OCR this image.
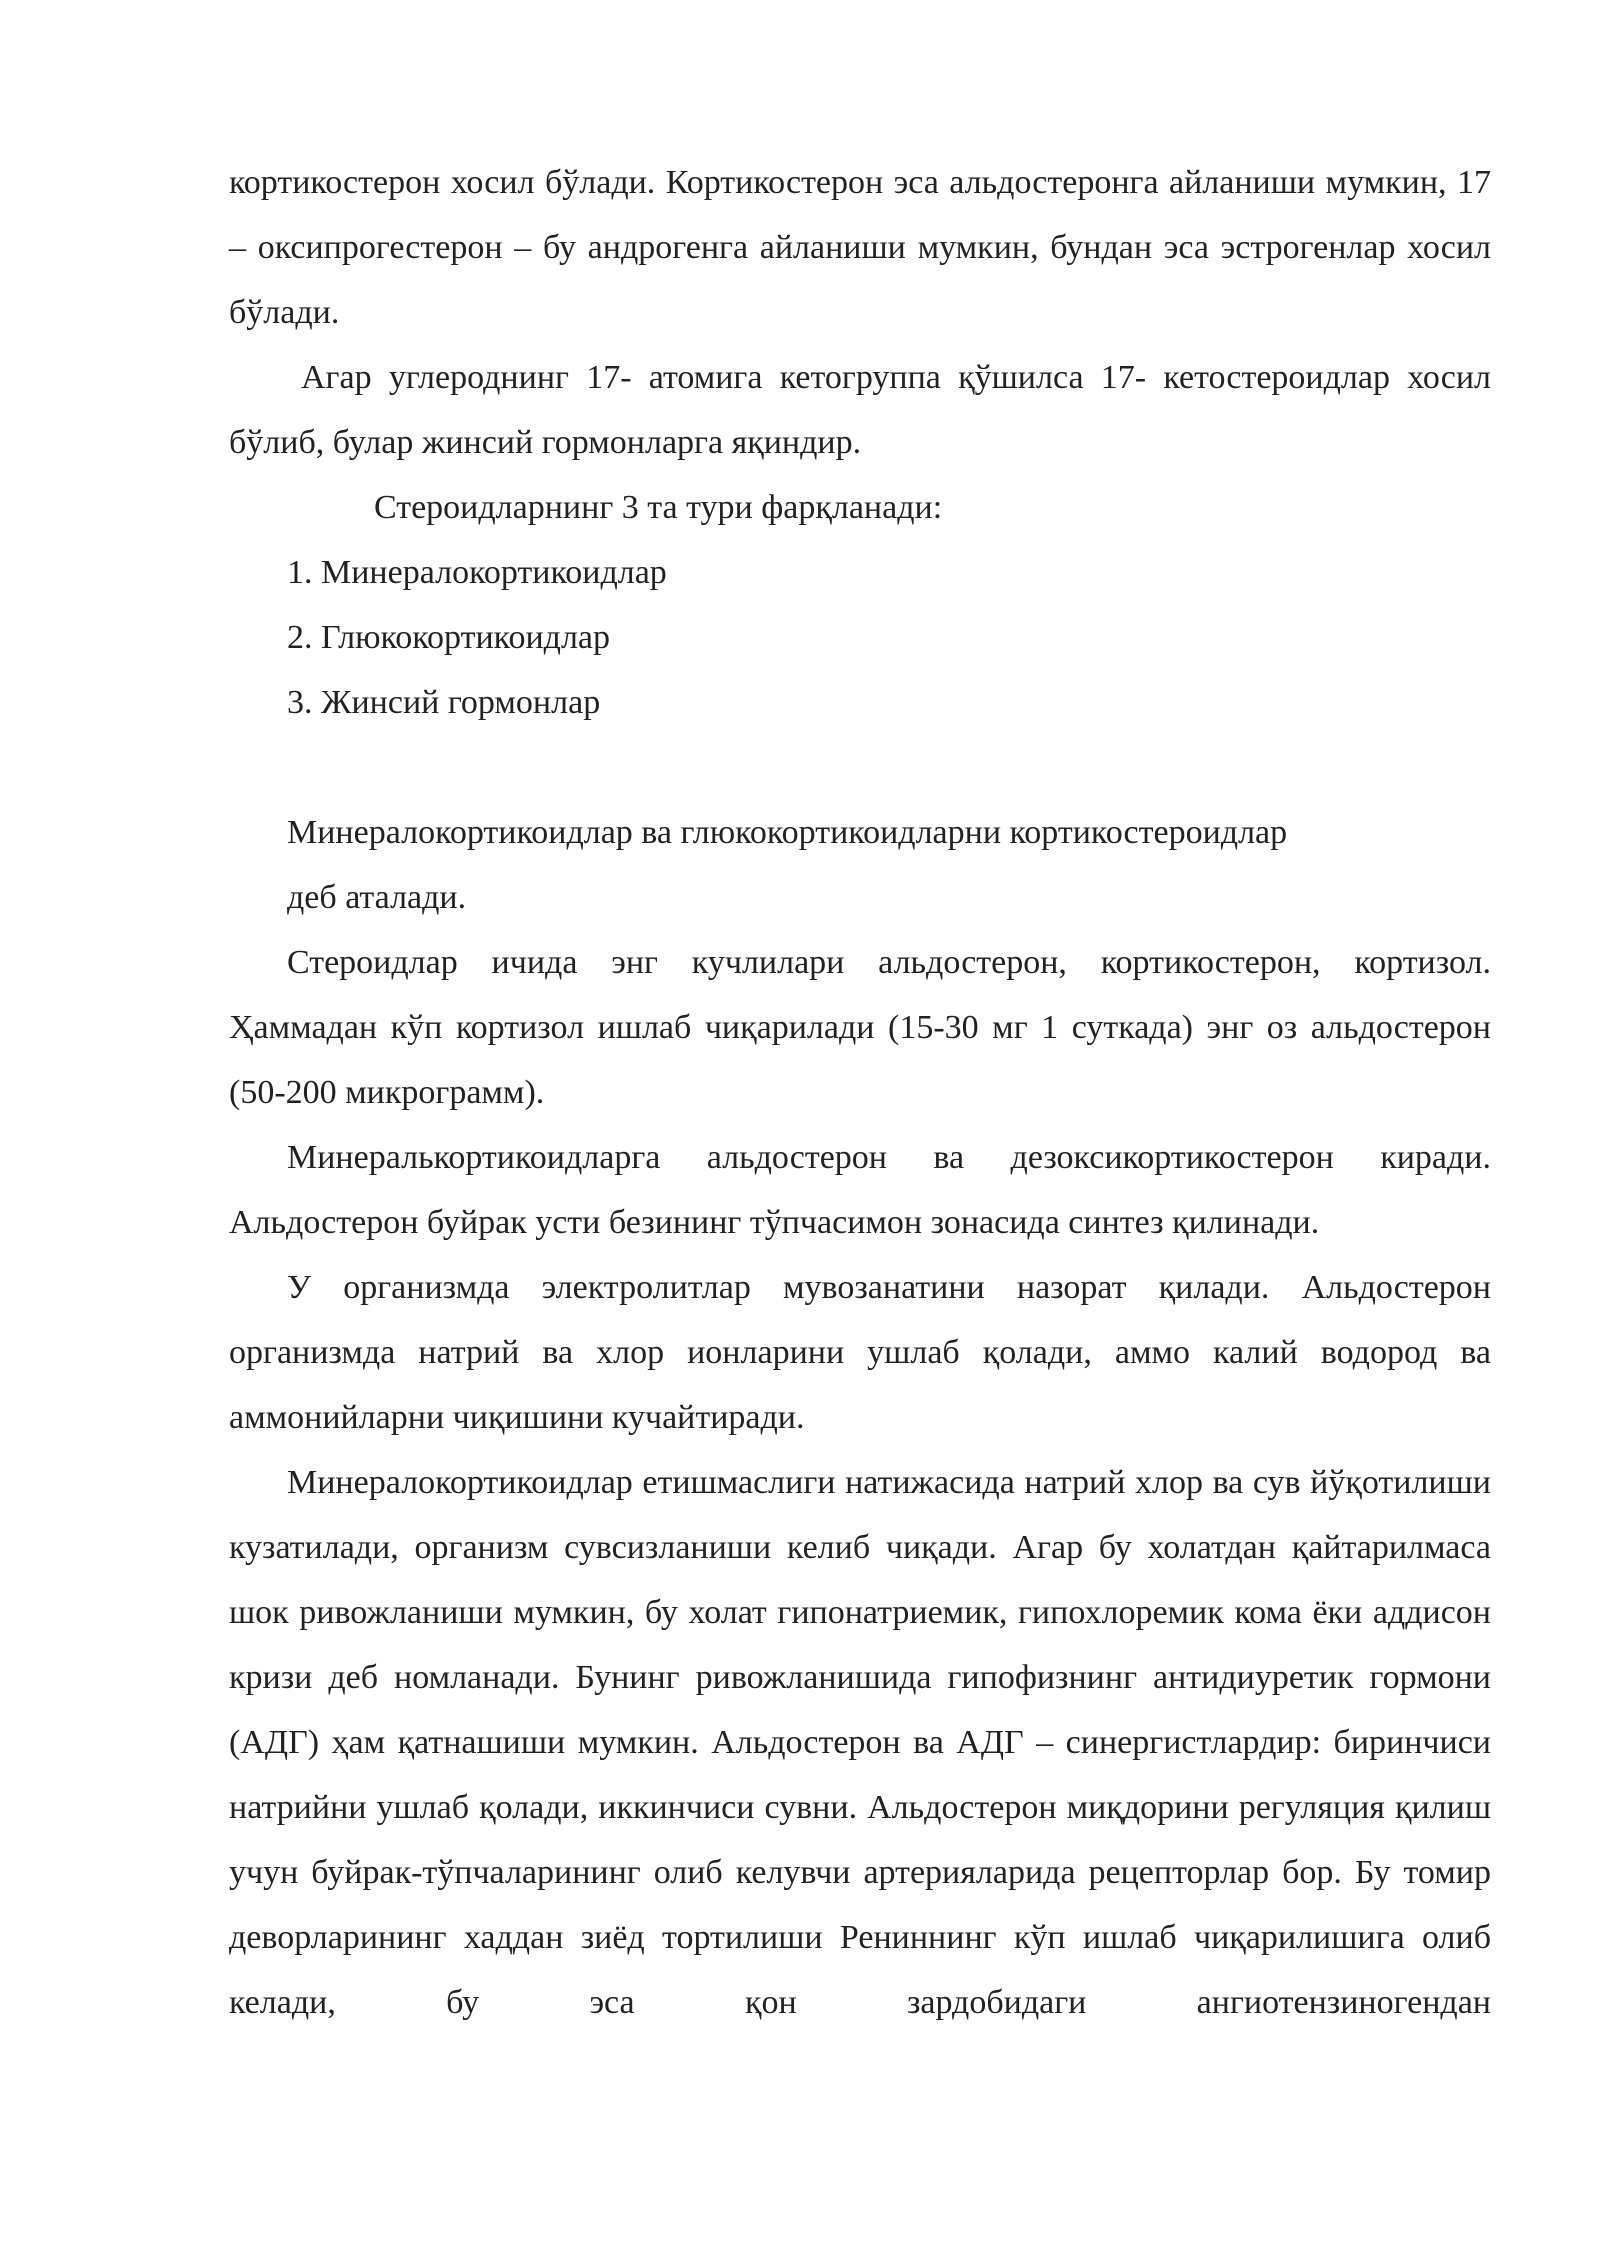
кортикостерон хосил бўлади. Кортикостерон эса альдостеронга айланиши мумкин, 17 – оксипрогестерон – бу андрогенга айланиши мумкин, бундан эса эстрогенлар хосил бўлади.

Агар углероднинг 17- атомига кетогруппа қўшилса 17- кетостероидлар хосил бўлиб, булар жинсий гормонларга яқиндир.

Стероидларнинг 3 та тури фарқланади:

1. Минералокортикоидлар

2. Глюкокортикоидлар

3. Жинсий гормонлар

Минералокортикоидлар ва глюкокортикоидларни кортикостероидлар

деб аталади.

Стероидлар ичида энг кучлилари альдостерон, кортикостерон, кортизол. Ҳаммадан кўп кортизол ишлаб чиқарилади (15-30 мг 1 суткада) энг оз альдостерон (50-200 микрограмм).

Минералькортикоидларга альдостерон ва дезоксикортикостерон киради. Альдостерон буйрак усти безининг тўпчасимон зонасида синтез қилинади.

У организмда электролитлар мувозанатини назорат қилади. Альдостерон организмда натрий ва хлор ионларини ушлаб қолади, аммо калий водород ва аммонийларни чиқишини кучайтиради.

Минералокортикоидлар етишмаслиги натижасида натрий хлор ва сув йўқотилиши кузатилади, организм сувсизланиши келиб чиқади. Агар бу холатдан қайтарилмаса шок ривожланиши мумкин, бу холат гипонатриемик, гипохлоремик кома ёки аддисон кризи деб номланади. Бунинг ривожланишида гипофизнинг антидиуретик гормони (АДГ) ҳам қатнашиши мумкин. Альдостерон ва АДГ – синергистлардир: биринчиси натрийни ушлаб қолади, иккинчиси сувни. Альдостерон миқдорини регуляция қилиш учун буйрак-тўпчаларининг олиб келувчи артерияларида рецепторлар бор. Бу томир деворларининг хаддан зиёд тортилиши Рениннинг кўп ишлаб чиқарилишига олиб келади, бу эса қон зардобидаги ангиотензиногендан
